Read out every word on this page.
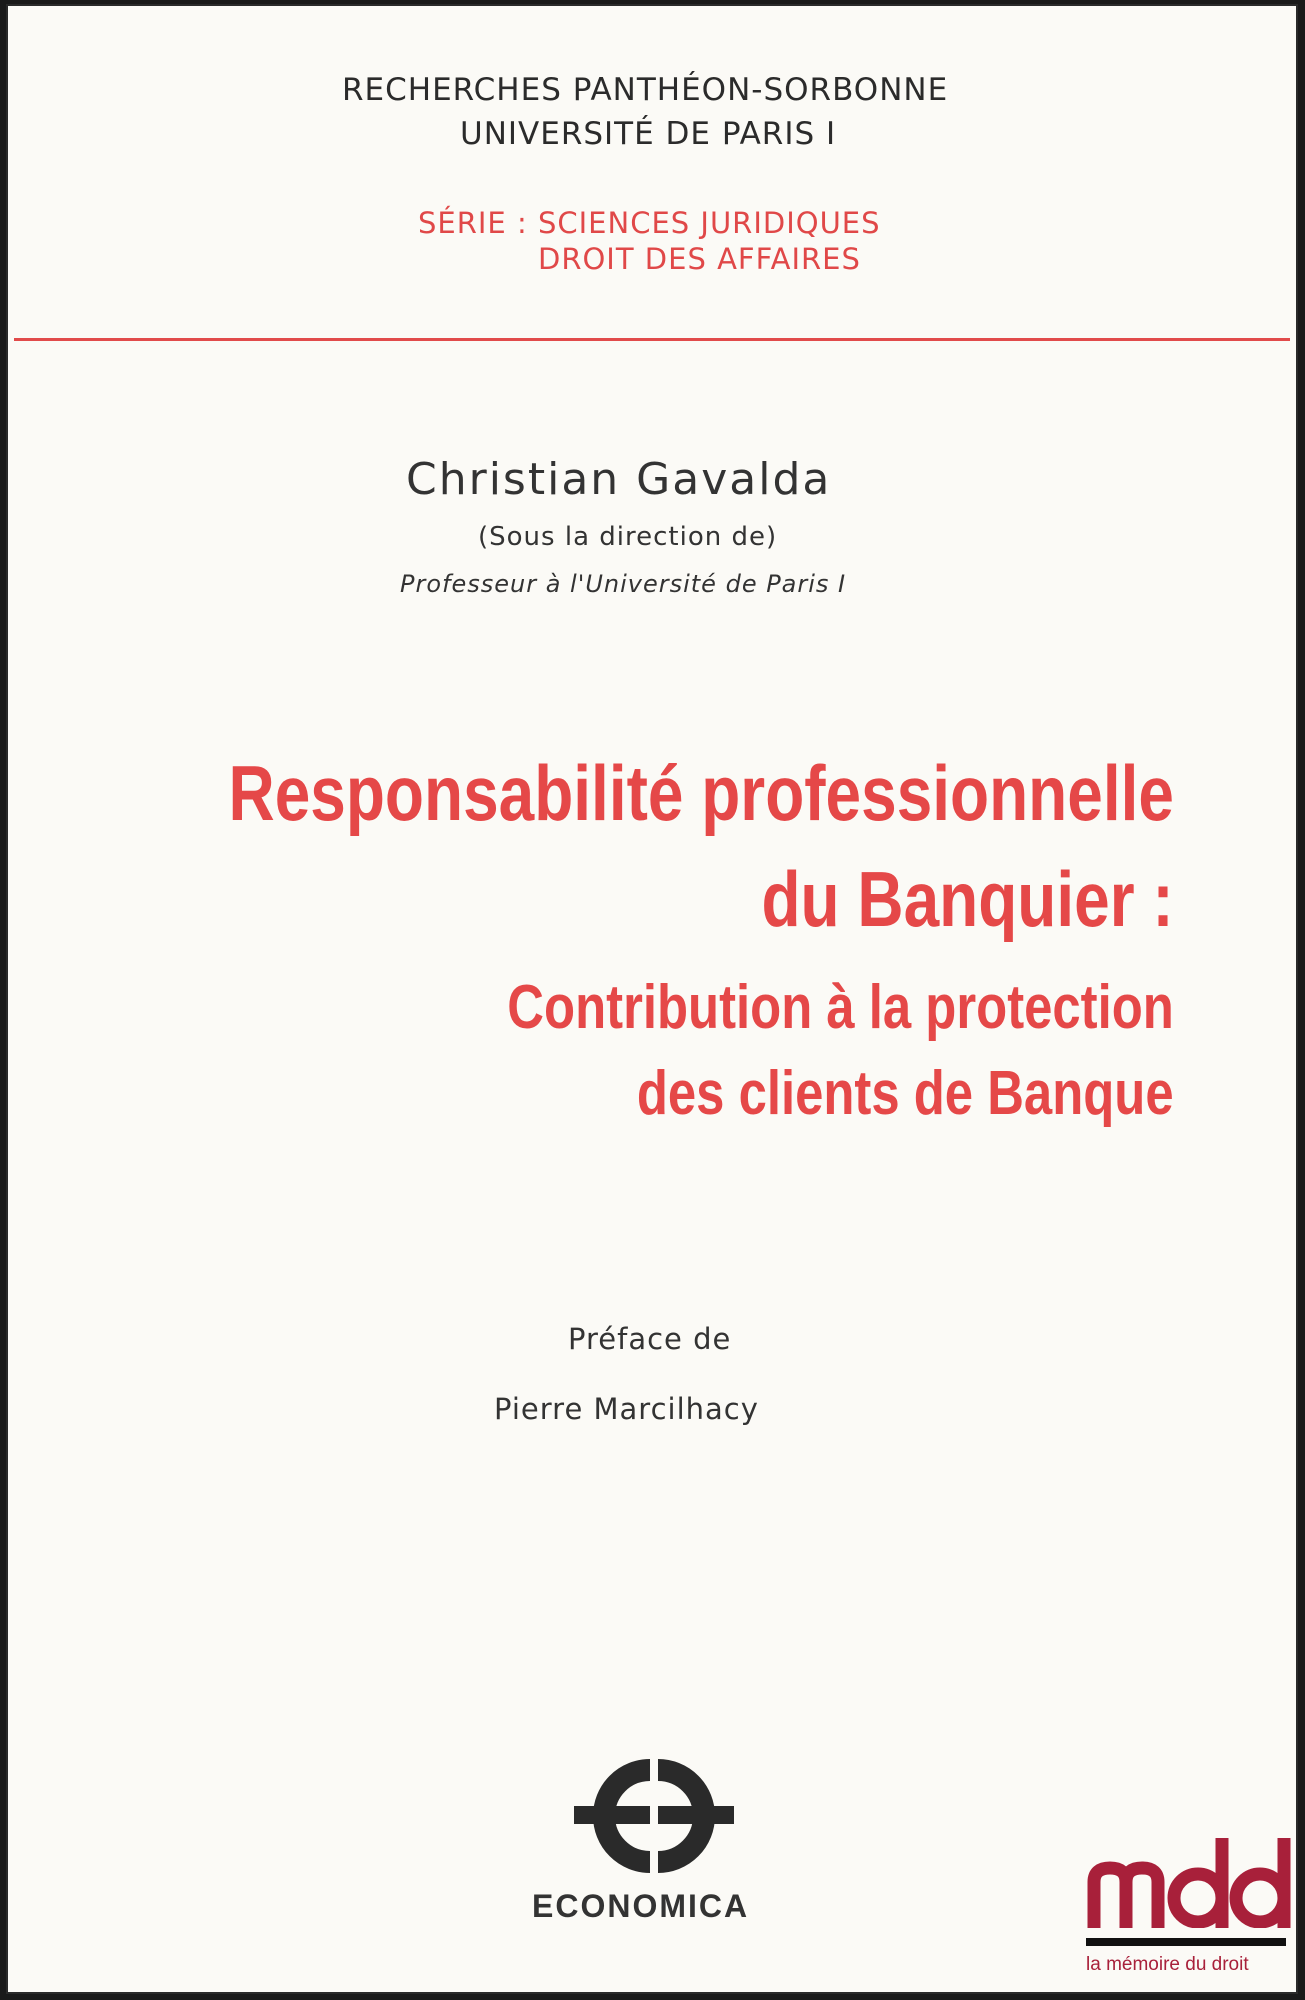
RECHERCHES PANTHÉON-SORBONNE
UNIVERSITÉ DE PARIS I
SÉRIE : SCIENCES JURIDIQUES
DROIT DES AFFAIRES
Christian Gavalda
(Sous la direction de)
Professeur à l'Université de Paris I
Responsabilité professionnelle
du Banquier :
Contribution à la protection
des clients de Banque
Préface de
Pierre Marcilhacy
ECONOMICA
la mémoire du droit
